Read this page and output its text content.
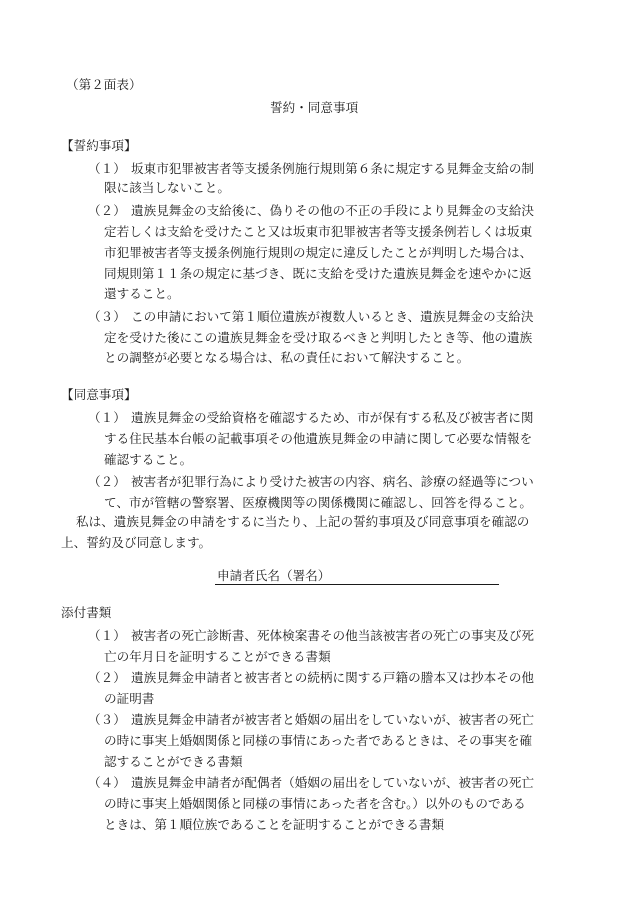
（第２面表）
誓約・同意事項
【誓約事項】
（１） 坂東市犯罪被害者等支援条例施行規則第６条に規定する見舞金支給の制
限に該当しないこと。
（２） 遺族見舞金の支給後に、偽りその他の不正の手段により見舞金の支給決
定若しくは支給を受けたこと又は坂東市犯罪被害者等支援条例若しくは坂東
市犯罪被害者等支援条例施行規則の規定に違反したことが判明した場合は、
同規則第１１条の規定に基づき、既に支給を受けた遺族見舞金を速やかに返
還すること。
（３） この申請において第１順位遺族が複数人いるとき、遺族見舞金の支給決
定を受けた後にこの遺族見舞金を受け取るべきと判明したとき等、他の遺族
との調整が必要となる場合は、私の責任において解決すること。
【同意事項】
（１） 遺族見舞金の受給資格を確認するため、市が保有する私及び被害者に関
する住民基本台帳の記載事項その他遺族見舞金の申請に関して必要な情報を
確認すること。
（２） 被害者が犯罪行為により受けた被害の内容、病名、診療の経過等につい
て、市が管轄の警察署、医療機関等の関係機関に確認し、回答を得ること。
私は、遺族見舞金の申請をするに当たり、上記の誓約事項及び同意事項を確認の
上、誓約及び同意します。
申請者氏名（署名）
添付書類
（１） 被害者の死亡診断書、死体検案書その他当該被害者の死亡の事実及び死
亡の年月日を証明することができる書類
（２） 遺族見舞金申請者と被害者との続柄に関する戸籍の謄本又は抄本その他
の証明書
（３） 遺族見舞金申請者が被害者と婚姻の届出をしていないが、被害者の死亡
の時に事実上婚姻関係と同様の事情にあった者であるときは、その事実を確
認することができる書類
（４） 遺族見舞金申請者が配偶者（婚姻の届出をしていないが、被害者の死亡
の時に事実上婚姻関係と同様の事情にあった者を含む。）以外のものである
ときは、第１順位族であることを証明することができる書類
